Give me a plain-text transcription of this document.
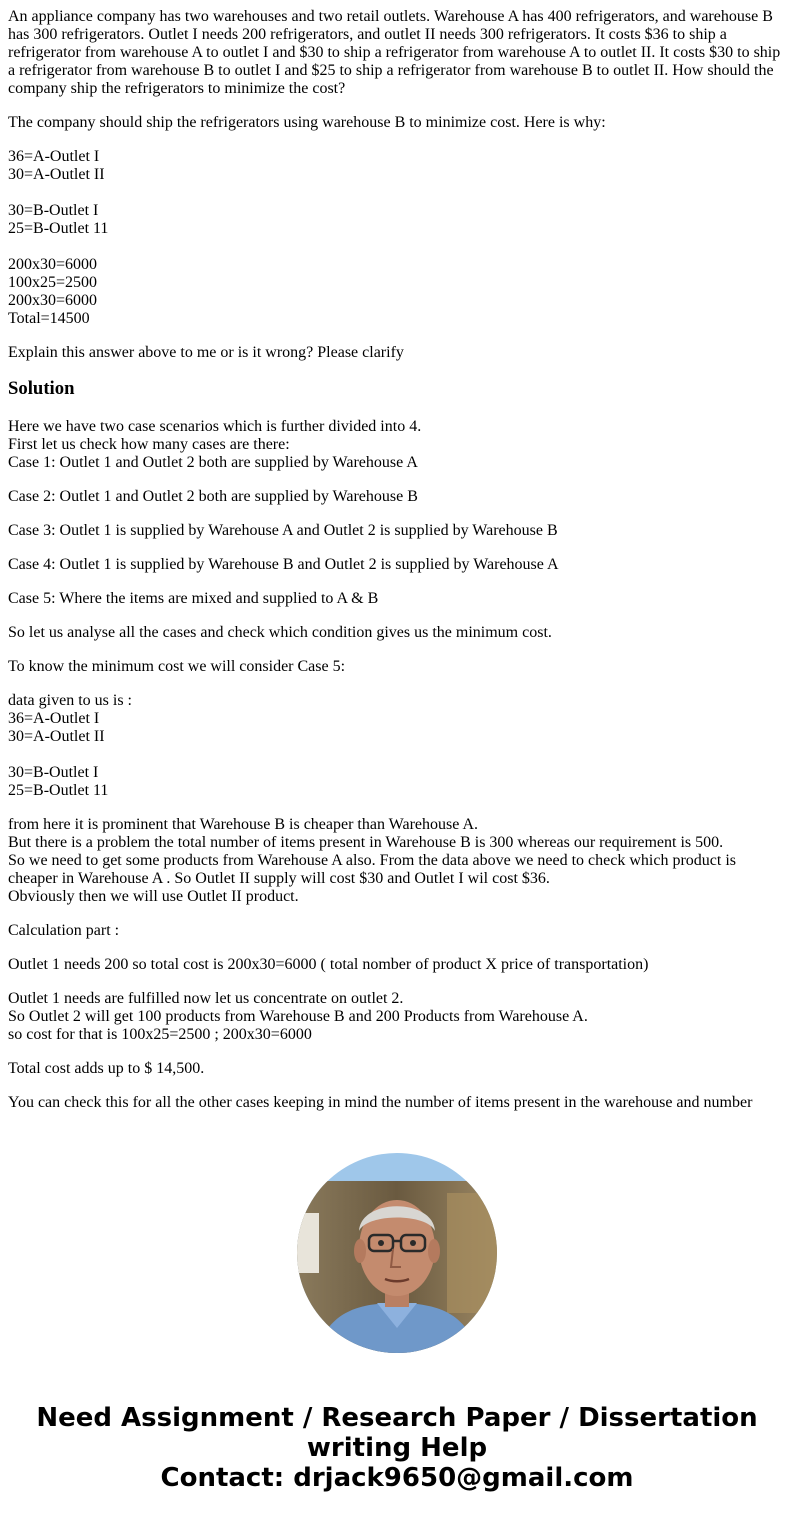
An appliance company has two warehouses and two retail outlets. Warehouse A has 400 refrigerators, and warehouse B has 300 refrigerators. Outlet I needs 200 refrigerators, and outlet II needs 300 refrigerators. It costs $36 to ship a refrigerator from warehouse A to outlet I and $30 to ship a refrigerator from warehouse A to outlet II. It costs $30 to ship a refrigerator from warehouse B to outlet I and $25 to ship a refrigerator from warehouse B to outlet II. How should the company ship the refrigerators to minimize the cost?

The company should ship the refrigerators using warehouse B to minimize cost. Here is why:

36=A-Outlet I
30=A-Outlet II
30=B-Outlet I
25=B-Outlet 11
200x30=6000
100x25=2500
200x30=6000
Total=14500

Explain this answer above to me or is it wrong? Please clarify

Solution

Here we have two case scenarios which is further divided into 4.
First let us check how many cases are there:
Case 1: Outlet 1 and Outlet 2 both are supplied by Warehouse A

Case 2: Outlet 1 and Outlet 2 both are supplied by Warehouse B

Case 3: Outlet 1 is supplied by Warehouse A and Outlet 2 is supplied by Warehouse B

Case 4: Outlet 1 is supplied by Warehouse B and Outlet 2 is supplied by Warehouse A

Case 5: Where the items are mixed and supplied to A & B

So let us analyse all the cases and check which condition gives us the minimum cost.

To know the minimum cost we will consider Case 5:

data given to us is :
36=A-Outlet I
30=A-Outlet II
30=B-Outlet I
25=B-Outlet 11

from here it is prominent that Warehouse B is cheaper than Warehouse A.
But there is a problem the total number of items present in Warehouse B is 300 whereas our requirement is 500.
So we need to get some products from Warehouse A also. From the data above we need to check which product is cheaper in Warehouse A . So Outlet II supply will cost $30 and Outlet I wil cost $36.
Obviously then we will use Outlet II product.

Calculation part :

Outlet 1 needs 200 so total cost is 200x30=6000 ( total nomber of product X price of transportation)

Outlet 1 needs are fulfilled now let us concentrate on outlet 2.
So Outlet 2 will get 100 products from Warehouse B and 200 Products from Warehouse A.
so cost for that is 100x25=2500 ; 200x30=6000

Total cost adds up to $ 14,500.

You can check this for all the other cases keeping in mind the number of items present in the warehouse and number

Need Assignment / Research Paper / Dissertation
writing Help
Contact: drjack9650@gmail.com
